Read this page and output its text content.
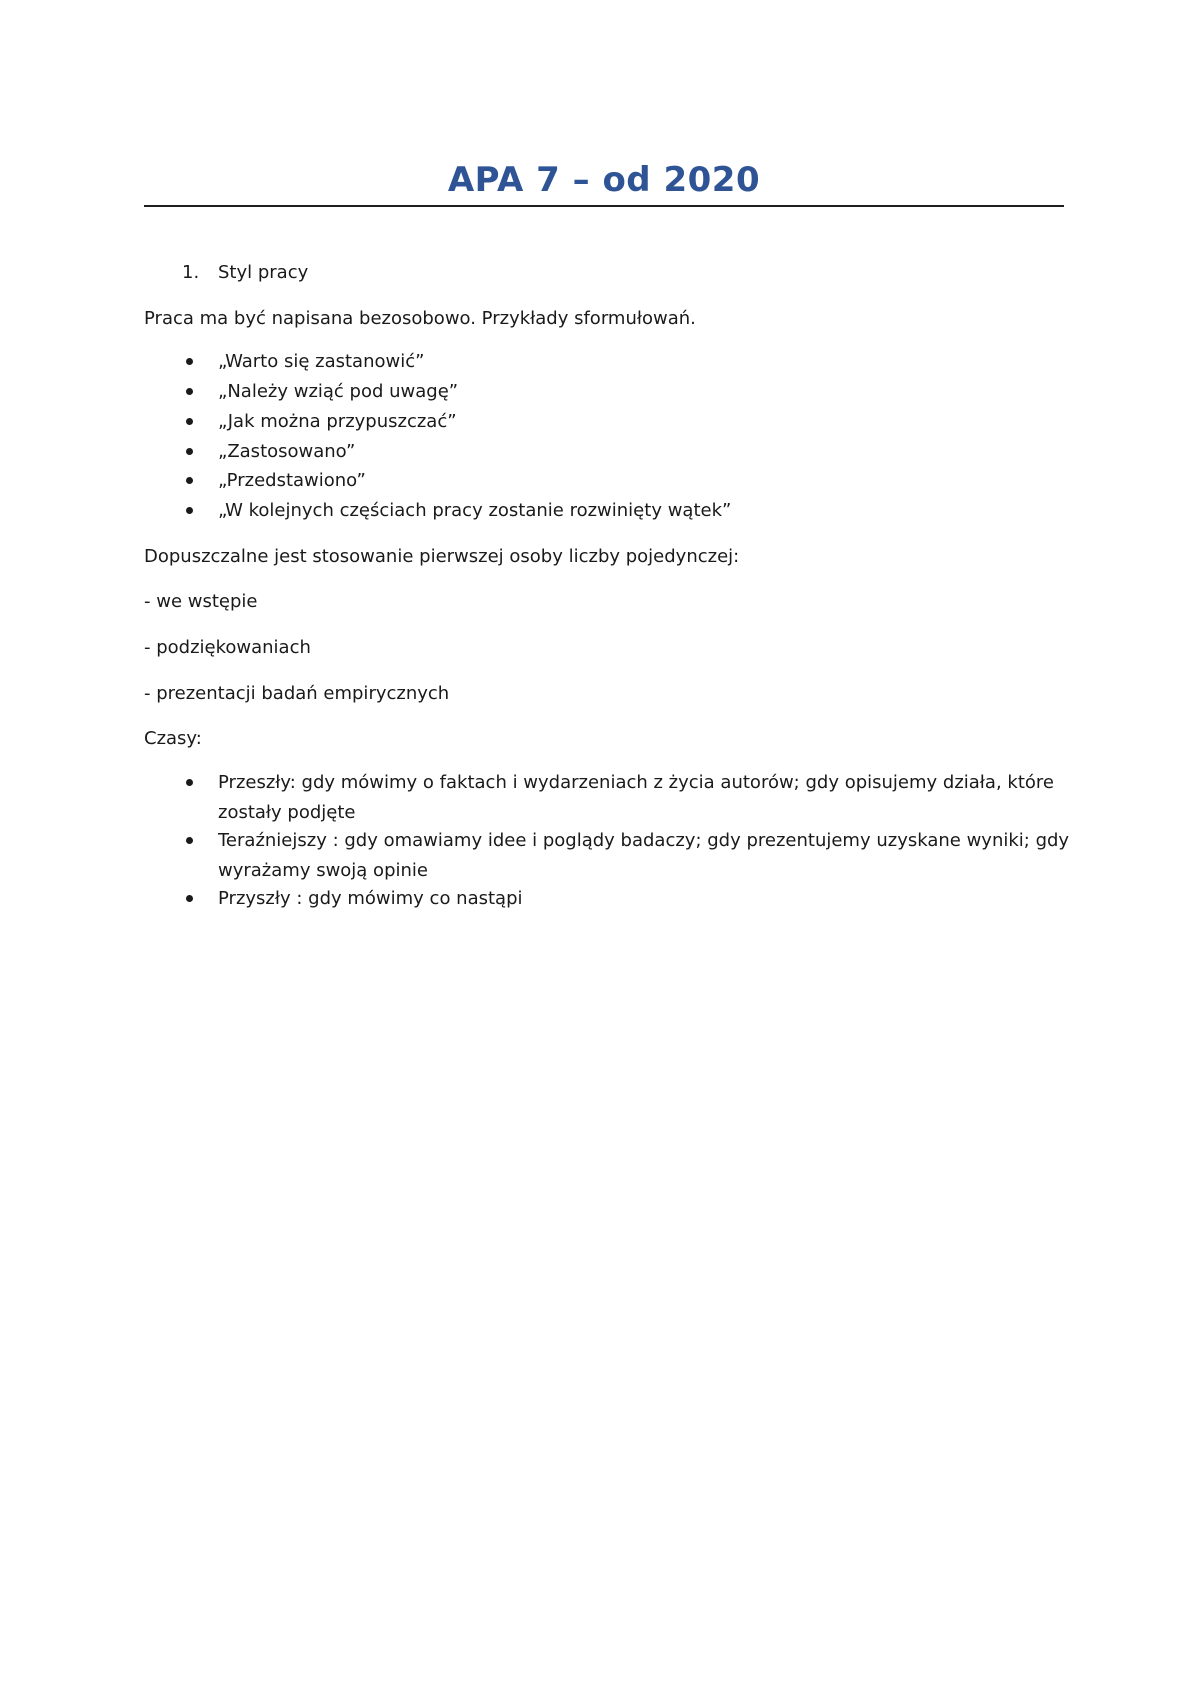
APA 7 – od 2020
1. Styl pracy
Praca ma być napisana bezosobowo. Przykłady sformułowań.
„Warto się zastanowić”
„Należy wziąć pod uwagę”
„Jak można przypuszczać”
„Zastosowano”
„Przedstawiono”
„W kolejnych częściach pracy zostanie rozwinięty wątek”
Dopuszczalne jest stosowanie pierwszej osoby liczby pojedynczej:
- we wstępie
- podziękowaniach
- prezentacji badań empirycznych
Czasy:
Przeszły: gdy mówimy o faktach i wydarzeniach z życia autorów; gdy opisujemy działa, które
zostały podjęte
Teraźniejszy : gdy omawiamy idee i poglądy badaczy; gdy prezentujemy uzyskane wyniki; gdy
wyrażamy swoją opinie
Przyszły : gdy mówimy co nastąpi
